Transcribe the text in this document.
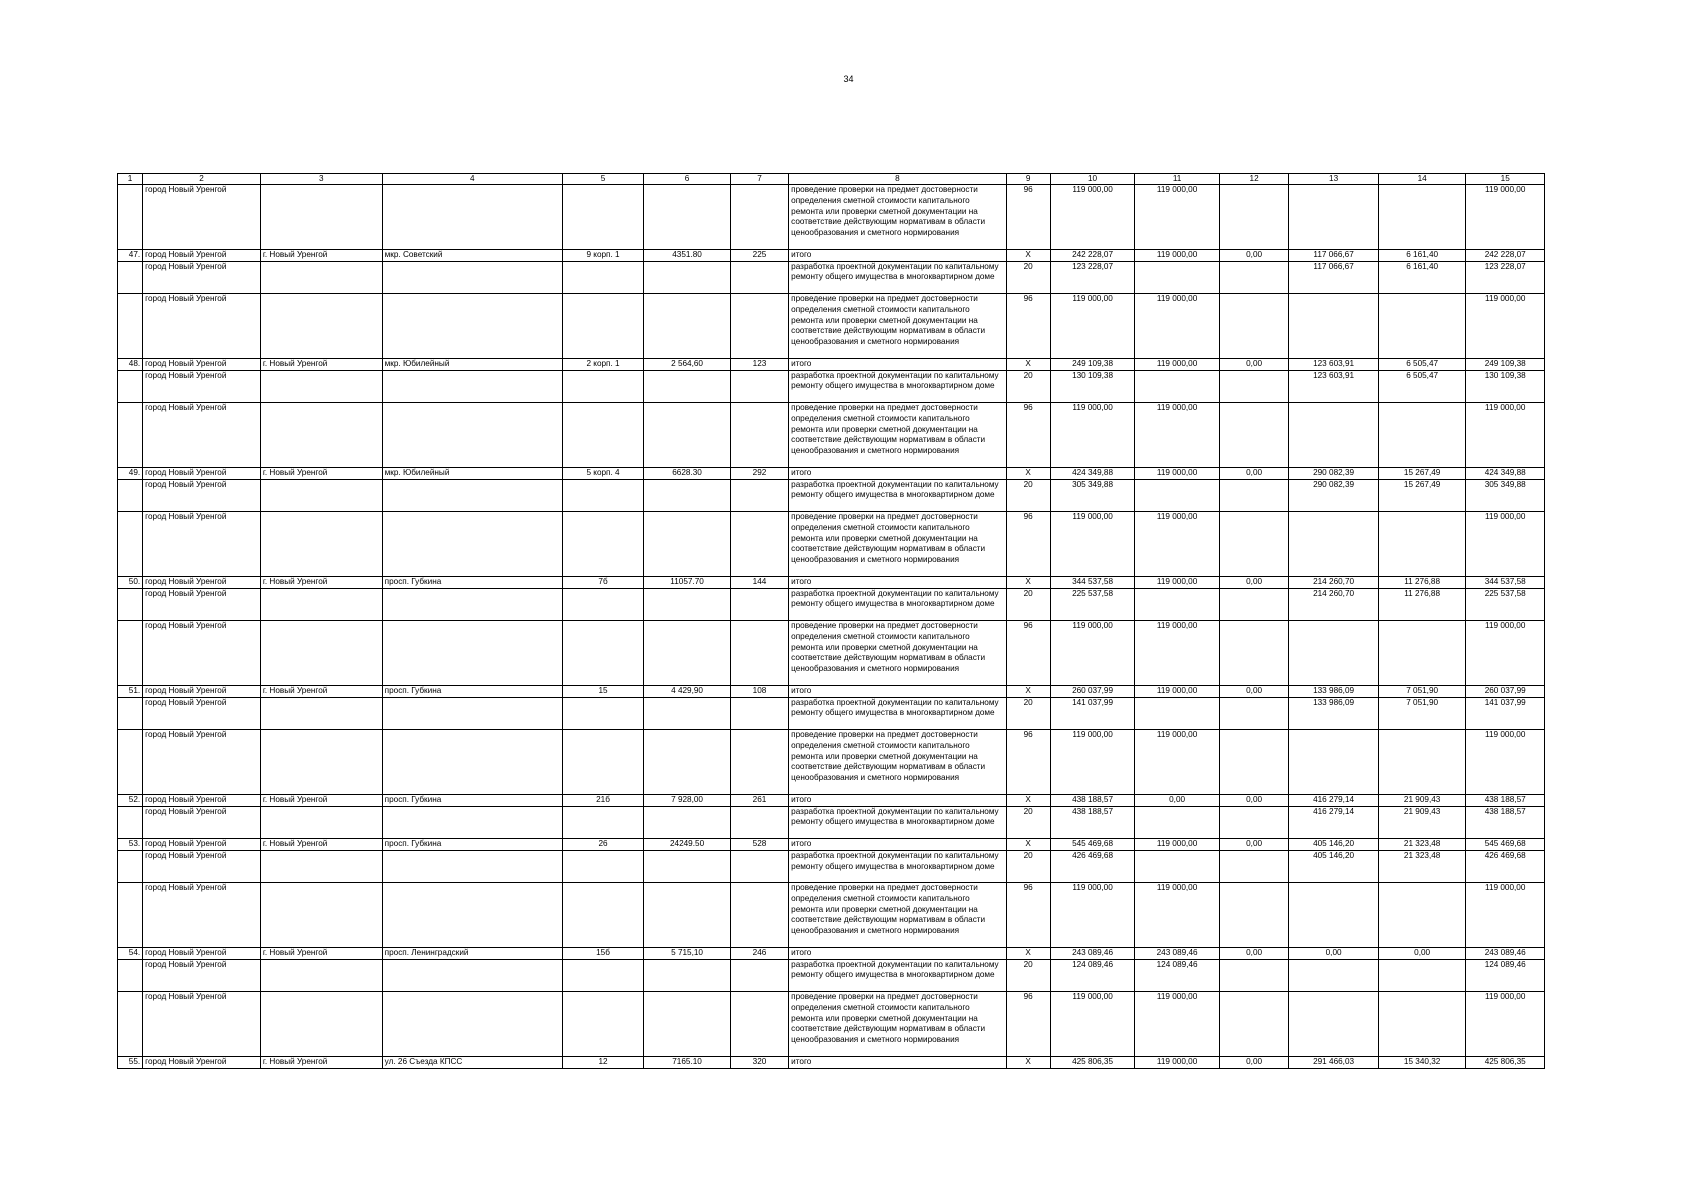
34
1	2	3	4	5	6	7	8	9	10	11	12	13	14	15
	город Новый Уренгой						проведение проверки на предмет достоверности определения сметной стоимости капитального ремонта или проверки сметной документации на соответствие действующим нормативам в области ценообразования и сметного нормирования	96	119 000,00	119 000,00				119 000,00
47.	город Новый Уренгой	г. Новый Уренгой	мкр. Советский	9 корп. 1	4351.80	225	итого	X	242 228,07	119 000,00	0,00	117 066,67	6 161,40	242 228,07
	город Новый Уренгой						разработка проектной документации по капитальному ремонту общего имущества в многоквартирном доме	20	123 228,07			117 066,67	6 161,40	123 228,07
	город Новый Уренгой						проведение проверки на предмет достоверности определения сметной стоимости капитального ремонта или проверки сметной документации на соответствие действующим нормативам в области ценообразования и сметного нормирования	96	119 000,00	119 000,00				119 000,00
48.	город Новый Уренгой	г. Новый Уренгой	мкр. Юбилейный	2 корп. 1	2 564,60	123	итого	X	249 109,38	119 000,00	0,00	123 603,91	6 505,47	249 109,38
	город Новый Уренгой						разработка проектной документации по капитальному ремонту общего имущества в многоквартирном доме	20	130 109,38			123 603,91	6 505,47	130 109,38
	город Новый Уренгой						проведение проверки на предмет достоверности определения сметной стоимости капитального ремонта или проверки сметной документации на соответствие действующим нормативам в области ценообразования и сметного нормирования	96	119 000,00	119 000,00				119 000,00
49.	город Новый Уренгой	г. Новый Уренгой	мкр. Юбилейный	5 корп. 4	6628.30	292	итого	X	424 349,88	119 000,00	0,00	290 082,39	15 267,49	424 349,88
	город Новый Уренгой						разработка проектной документации по капитальному ремонту общего имущества в многоквартирном доме	20	305 349,88			290 082,39	15 267,49	305 349,88
	город Новый Уренгой						проведение проверки на предмет достоверности определения сметной стоимости капитального ремонта или проверки сметной документации на соответствие действующим нормативам в области ценообразования и сметного нормирования	96	119 000,00	119 000,00				119 000,00
50.	город Новый Уренгой	г. Новый Уренгой	просп. Губкина	7б	11057.70	144	итого	X	344 537,58	119 000,00	0,00	214 260,70	11 276,88	344 537,58
	город Новый Уренгой						разработка проектной документации по капитальному ремонту общего имущества в многоквартирном доме	20	225 537,58			214 260,70	11 276,88	225 537,58
	город Новый Уренгой						проведение проверки на предмет достоверности определения сметной стоимости капитального ремонта или проверки сметной документации на соответствие действующим нормативам в области ценообразования и сметного нормирования	96	119 000,00	119 000,00				119 000,00
51.	город Новый Уренгой	г. Новый Уренгой	просп. Губкина	15	4 429,90	108	итого	X	260 037,99	119 000,00	0,00	133 986,09	7 051,90	260 037,99
	город Новый Уренгой						разработка проектной документации по капитальному ремонту общего имущества в многоквартирном доме	20	141 037,99			133 986,09	7 051,90	141 037,99
	город Новый Уренгой						проведение проверки на предмет достоверности определения сметной стоимости капитального ремонта или проверки сметной документации на соответствие действующим нормативам в области ценообразования и сметного нормирования	96	119 000,00	119 000,00				119 000,00
52.	город Новый Уренгой	г. Новый Уренгой	просп. Губкина	21б	7 928,00	261	итого	X	438 188,57	0,00	0,00	416 279,14	21 909,43	438 188,57
	город Новый Уренгой						разработка проектной документации по капитальному ремонту общего имущества в многоквартирном доме	20	438 188,57			416 279,14	21 909,43	438 188,57
53.	город Новый Уренгой	г. Новый Уренгой	просп. Губкина	26	24249.50	528	итого	X	545 469,68	119 000,00	0,00	405 146,20	21 323,48	545 469,68
	город Новый Уренгой						разработка проектной документации по капитальному ремонту общего имущества в многоквартирном доме	20	426 469,68			405 146,20	21 323,48	426 469,68
	город Новый Уренгой						проведение проверки на предмет достоверности определения сметной стоимости капитального ремонта или проверки сметной документации на соответствие действующим нормативам в области ценообразования и сметного нормирования	96	119 000,00	119 000,00				119 000,00
54.	город Новый Уренгой	г. Новый Уренгой	просп. Ленинградский	15б	5 715,10	246	итого	X	243 089,46	243 089,46	0,00	0,00	0,00	243 089,46
	город Новый Уренгой						разработка проектной документации по капитальному ремонту общего имущества в многоквартирном доме	20	124 089,46	124 089,46				124 089,46
	город Новый Уренгой						проведение проверки на предмет достоверности определения сметной стоимости капитального ремонта или проверки сметной документации на соответствие действующим нормативам в области ценообразования и сметного нормирования	96	119 000,00	119 000,00				119 000,00
55.	город Новый Уренгой	г. Новый Уренгой	ул. 26 Съезда КПСС	12	7165.10	320	итого	X	425 806,35	119 000,00	0,00	291 466,03	15 340,32	425 806,35
